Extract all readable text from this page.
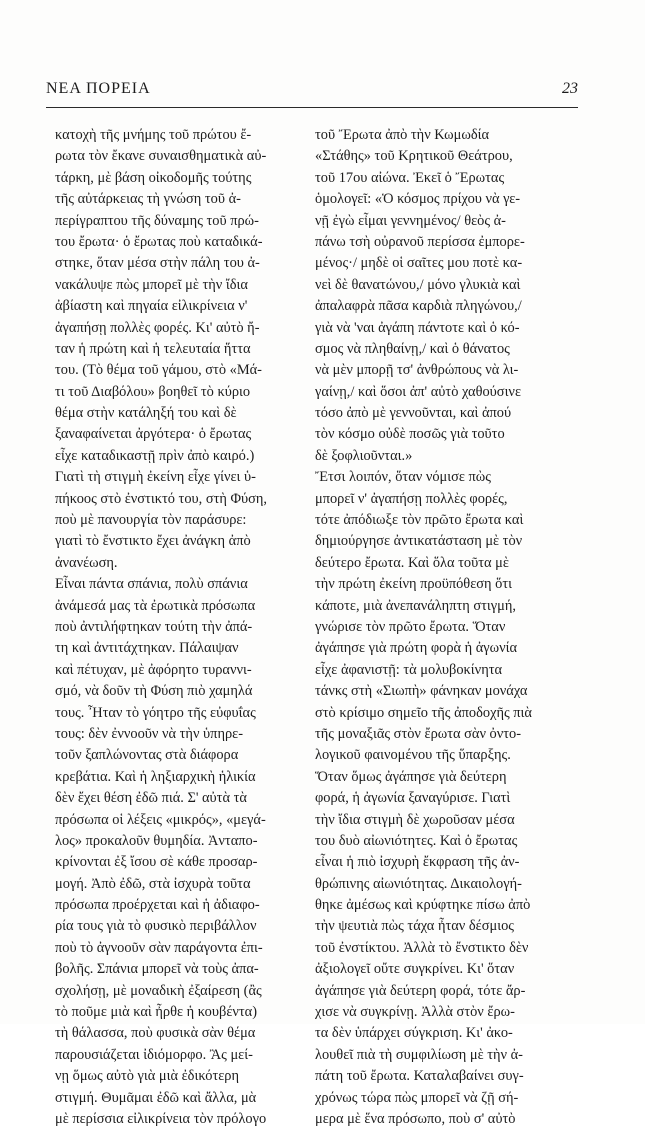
ΝΕΑ ΠΟΡΕΙΑ	23
κατοχὴ τῆς μνήμης τοῦ πρώτου ἔ-
ρωτα τὸν ἔκανε συναισθηματικὰ αὐ-
τάρκη, μὲ βάση οἰκοδομῆς τούτης
τῆς αὐτάρκειας τὴ γνώση τοῦ ἀ-
περίγραπτου τῆς δύναμης τοῦ πρώ-
του ἔρωτα· ὁ ἔρωτας ποὺ καταδικά-
στηκε, ὅταν μέσα στὴν πάλη του ἀ-
νακάλυψε πὼς μπορεῖ μὲ τὴν ἴδια
ἀβίαστη καὶ πηγαία εἰλικρίνεια ν'
ἀγαπήσῃ πολλὲς φορές. Κι' αὐτὸ ἤ-
ταν ἡ πρώτη καὶ ἡ τελευταία ἥττα
του. (Τὸ θέμα τοῦ γάμου, στὸ «Μά-
τι τοῦ Διαβόλου» βοηθεῖ τὸ κύριο
θέμα στὴν κατάληξή του καὶ δὲ
ξαναφαίνεται ἀργότερα· ὁ ἔρωτας
εἶχε καταδικαστῇ πρὶν ἀπὸ καιρό.)
Γιατὶ τὴ στιγμὴ ἐκείνη εἶχε γίνει ὑ-
πήκοος στὸ ἐνστικτό του, στὴ Φύση,
ποὺ μὲ πανουργία τὸν παράσυρε:
γιατὶ τὸ ἔνστικτο ἔχει ἀνάγκη ἀπὸ
ἀνανέωση.
Εἶναι πάντα σπάνια, πολὺ σπάνια
ἀνάμεσά μας τὰ ἐρωτικὰ πρόσωπα
ποὺ ἀντιλήφτηκαν τούτη τὴν ἀπά-
τη καὶ ἀντιτάχτηκαν. Πάλαιψαν
καὶ πέτυχαν, μὲ ἀφόρητο τυραννι-
σμό, νὰ δοῦν τὴ Φύση πιὸ χαμηλά
τους. Ἦταν τὸ γόητρο τῆς εὐφυΐας
τους: δὲν ἐννοοῦν νὰ τὴν ὑπηρε-
τοῦν ξαπλώνοντας στὰ διάφορα
κρεβάτια. Καὶ ἡ ληξιαρχικὴ ἡλικία
δὲν ἔχει θέση ἐδῶ πιά. Σ' αὐτὰ τὰ
πρόσωπα οἱ λέξεις «μικρός», «μεγά-
λος» προκαλοῦν θυμηδία. Ἀνταπο-
κρίνονται ἐξ ἴσου σὲ κάθε προσαρ-
μογή. Ἀπὸ ἐδῶ, στὰ ἰσχυρὰ τοῦτα
πρόσωπα προέρχεται καὶ ἡ ἀδιαφο-
ρία τους γιὰ τὸ φυσικὸ περιβάλλον
ποὺ τὸ ἀγνοοῦν σὰν παράγοντα ἐπι-
βολῆς. Σπάνια μπορεῖ νὰ τοὺς ἀπα-
σχολήσῃ, μὲ μοναδικὴ ἐξαίρεση (ἂς
τὸ ποῦμε μιὰ καὶ ἦρθε ἡ κουβέντα)
τὴ θάλασσα, ποὺ φυσικὰ σὰν θέμα
παρουσιάζεται ἰδιόμορφο. Ἂς μεί-
νῃ ὅμως αὐτὸ γιὰ μιὰ ἐδικότερη
στιγμή. Θυμᾶμαι ἐδῶ καὶ ἄλλα, μὰ
μὲ περίσσια εἰλικρίνεια τὸν πρόλογο
τοῦ Ἔρωτα ἀπὸ τὴν Κωμωδία
«Στάθης» τοῦ Κρητικοῦ Θεάτρου,
τοῦ 17ου αἰώνα. Ἐκεῖ ὁ Ἔρωτας
ὁμολογεῖ: «Ὁ κόσμος πρίχου νὰ γε-
νῇ ἐγὼ εἶμαι γεννημένος/ θεὸς ἀ-
πάνω τσὴ οὐρανοῦ περίσσα ἐμπορε-
μένος·/ μηδὲ οἱ σαῖτες μου ποτὲ κα-
νεὶ δὲ θανατώνου,/ μόνο γλυκιὰ καὶ
ἀπαλαφρὰ πᾶσα καρδιὰ πληγώνου,/
γιὰ νὰ 'ναι ἀγάπη πάντοτε καὶ ὁ κό-
σμος νὰ πληθαίνῃ,/ καὶ ὁ θάνατος
νὰ μὲν μπορῇ τσ' ἀνθρώπους νὰ λι-
γαίνῃ,/ καὶ ὅσοι ἀπ' αὐτὸ χαθούσινε
τόσο ἀπὸ μὲ γεννοῦνται, καὶ ἀπού
τὸν κόσμο οὐδὲ ποσῶς γιὰ τοῦτο
δὲ ξοφλιοῦνται.»
Ἔτσι λοιπόν, ὅταν νόμισε πὼς
μπορεῖ ν' ἀγαπήσῃ πολλὲς φορές,
τότε ἀπόδιωξε τὸν πρῶτο ἔρωτα καὶ
δημιούργησε ἀντικατάσταση μὲ τὸν
δεύτερο ἔρωτα. Καὶ ὅλα τοῦτα μὲ
τὴν πρώτη ἐκείνη προϋπόθεση ὅτι
κάποτε, μιὰ ἀνεπανάληπτη στιγμή,
γνώρισε τὸν πρῶτο ἔρωτα. Ὅταν
ἀγάπησε γιὰ πρώτη φορὰ ἡ ἀγωνία
εἶχε ἀφανιστῇ: τὰ μολυβοκίνητα
τάνκς στὴ «Σιωπὴ» φάνηκαν μονάχα
στὸ κρίσιμο σημεῖο τῆς ἀποδοχῆς πιὰ
τῆς μοναξιᾶς στὸν ἔρωτα σὰν ὀντο-
λογικοῦ φαινομένου τῆς ὕπαρξης.
Ὅταν ὅμως ἀγάπησε γιὰ δεύτερη
φορά, ἡ ἀγωνία ξαναγύρισε. Γιατὶ
τὴν ἴδια στιγμὴ δὲ χωροῦσαν μέσα
του δυὸ αἰωνιότητες. Καὶ ὁ ἔρωτας
εἶναι ἡ πιὸ ἰσχυρὴ ἔκφραση τῆς ἀν-
θρώπινης αἰωνιότητας. Δικαιολογή-
θηκε ἀμέσως καὶ κρύφτηκε πίσω ἀπὸ
τὴν ψευτιὰ πὼς τάχα ἦταν δέσμιος
τοῦ ἐνστίκτου. Ἀλλὰ τὸ ἔνστικτο δὲν
ἀξιολογεῖ οὔτε συγκρίνει. Κι' ὅταν
ἀγάπησε γιὰ δεύτερη φορά, τότε ἄρ-
χισε νὰ συγκρίνῃ. Ἀλλὰ στὸν ἔρω-
τα δὲν ὑπάρχει σύγκριση. Κι' ἀκο-
λουθεῖ πιὰ τὴ συμφιλίωση μὲ τὴν ἀ-
πάτη τοῦ ἔρωτα. Καταλαβαίνει συγ-
χρόνως τώρα πὼς μπορεῖ νὰ ζῇ σή-
μερα μὲ ἕνα πρόσωπο, ποὺ σ' αὐτὸ
